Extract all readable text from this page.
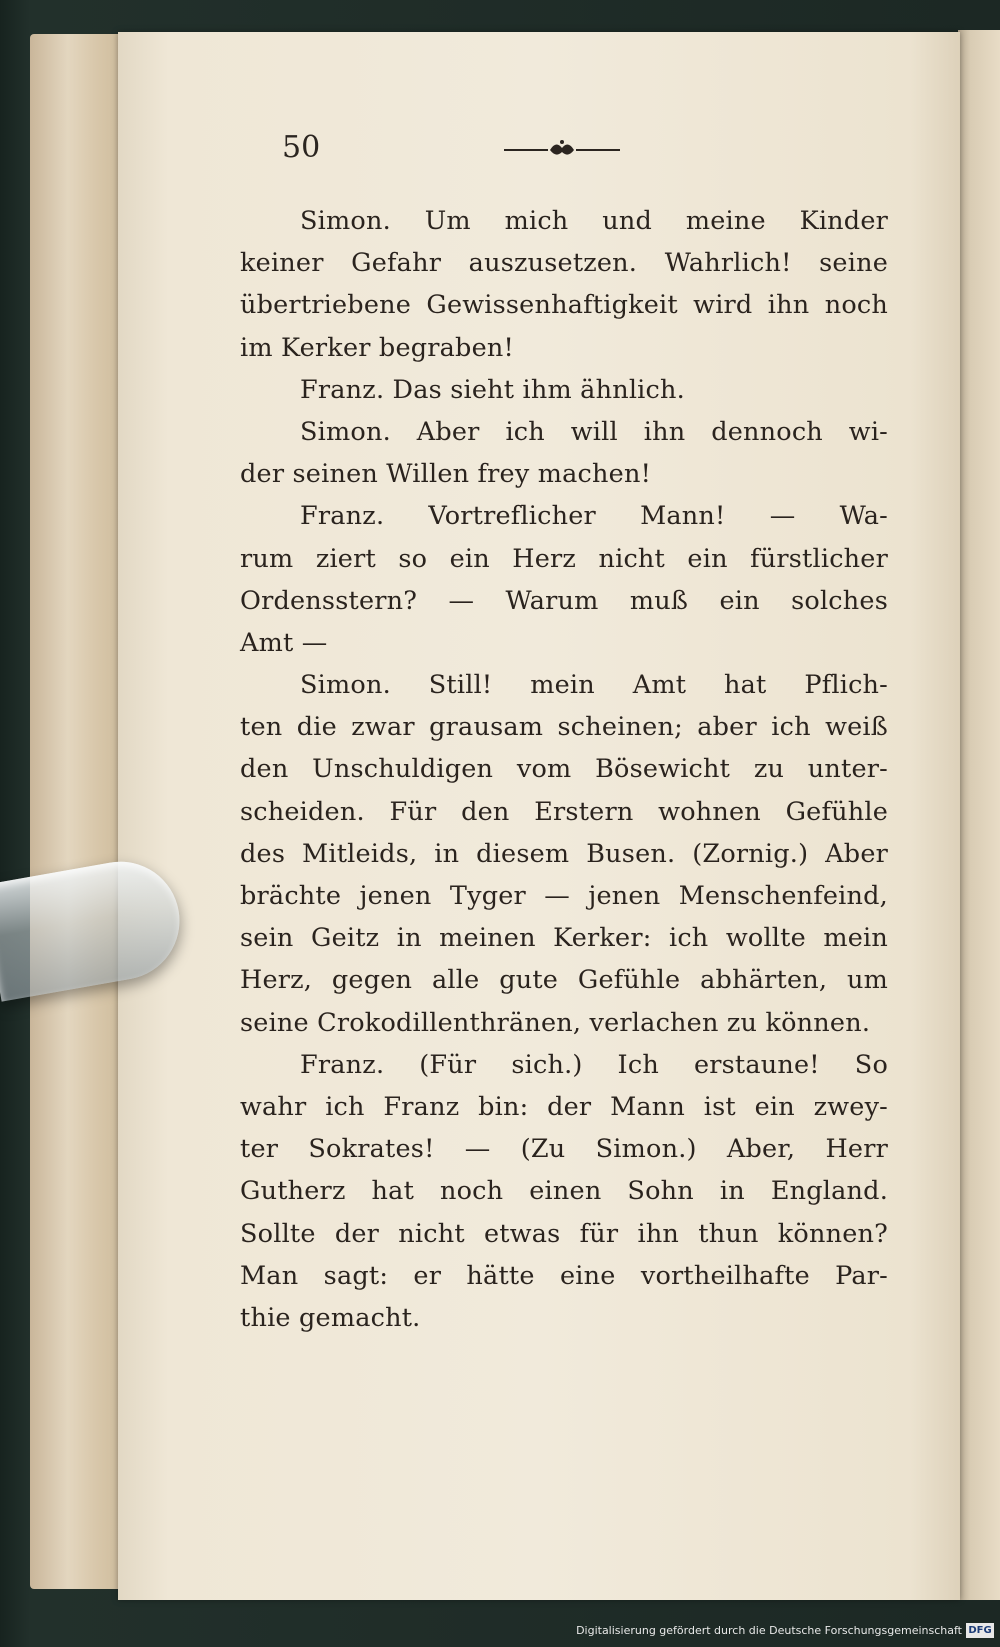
50
Simon. Um mich und meine Kinder
keiner Gefahr auszusetzen. Wahrlich! seine
übertriebene Gewissenhaftigkeit wird ihn noch
im Kerker begraben!
Franz. Das sieht ihm ähnlich.
Simon. Aber ich will ihn dennoch wi-
der seinen Willen frey machen!
Franz. Vortreflicher Mann! — Wa-
rum ziert so ein Herz nicht ein fürstlicher
Ordensstern? — Warum muß ein solches
Amt —
Simon. Still! mein Amt hat Pflich-
ten die zwar grausam scheinen; aber ich weiß
den Unschuldigen vom Bösewicht zu unter-
scheiden. Für den Erstern wohnen Gefühle
des Mitleids, in diesem Busen. (Zornig.) Aber
brächte jenen Tyger — jenen Menschenfeind,
sein Geitz in meinen Kerker: ich wollte mein
Herz, gegen alle gute Gefühle abhärten, um
seine Crokodillenthränen, verlachen zu können.
Franz. (Für sich.) Ich erstaune! So
wahr ich Franz bin: der Mann ist ein zwey-
ter Sokrates! — (Zu Simon.) Aber, Herr
Gutherz hat noch einen Sohn in England.
Sollte der nicht etwas für ihn thun können?
Man sagt: er hätte eine vortheilhafte Par-
thie gemacht.
Digitalisierung gefördert durch die Deutsche Forschungsgemeinschaft DFG
